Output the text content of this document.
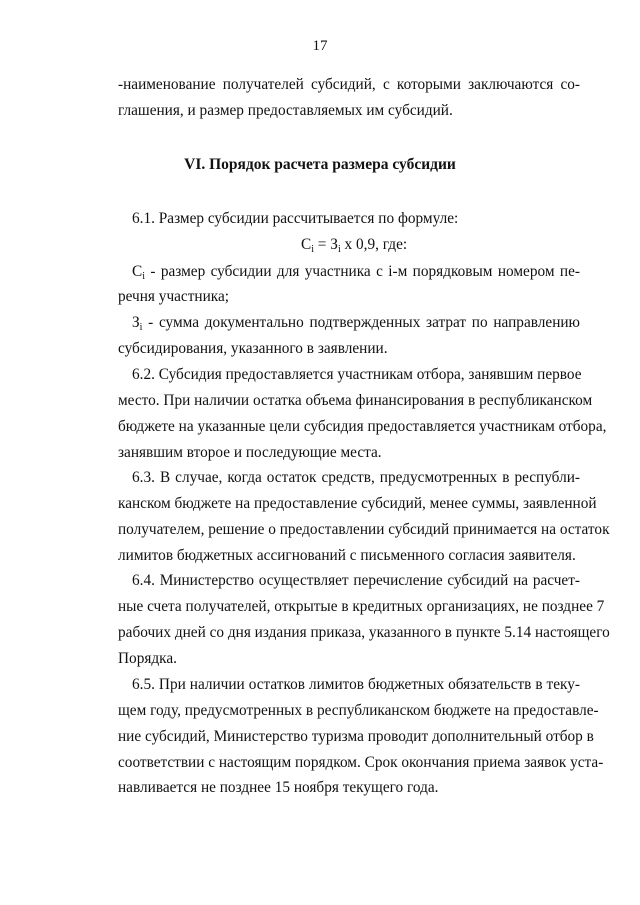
17
-наименование получателей субсидий, с которыми заключаются со-
глашения, и размер предоставляемых им субсидий.
VI. Порядок расчета размера субсидии
6.1. Размер субсидии рассчитывается по формуле:
$С_i = З_i$ х 0,9, где:
$С_i$ - размер субсидии для участника с i-м порядковым номером пе-
речня участника;
$З_i$ - сумма документально подтвержденных затрат по направлению
субсидирования, указанного в заявлении.
6.2. Субсидия предоставляется участникам отбора, занявшим первое
место. При наличии остатка объема финансирования в республиканском
бюджете на указанные цели субсидия предоставляется участникам отбора,
занявшим второе и последующие места.
6.3. В случае, когда остаток средств, предусмотренных в республи-
канском бюджете на предоставление субсидий, менее суммы, заявленной
получателем, решение о предоставлении субсидий принимается на остаток
лимитов бюджетных ассигнований с письменного согласия заявителя.
6.4. Министерство осуществляет перечисление субсидий на расчет-
ные счета получателей, открытые в кредитных организациях, не позднее 7
рабочих дней со дня издания приказа, указанного в пункте 5.14 настоящего
Порядка.
6.5. При наличии остатков лимитов бюджетных обязательств в теку-
щем году, предусмотренных в республиканском бюджете на предоставле-
ние субсидий, Министерство туризма проводит дополнительный отбор в
соответствии с настоящим порядком. Срок окончания приема заявок уста-
навливается не позднее 15 ноября текущего года.
